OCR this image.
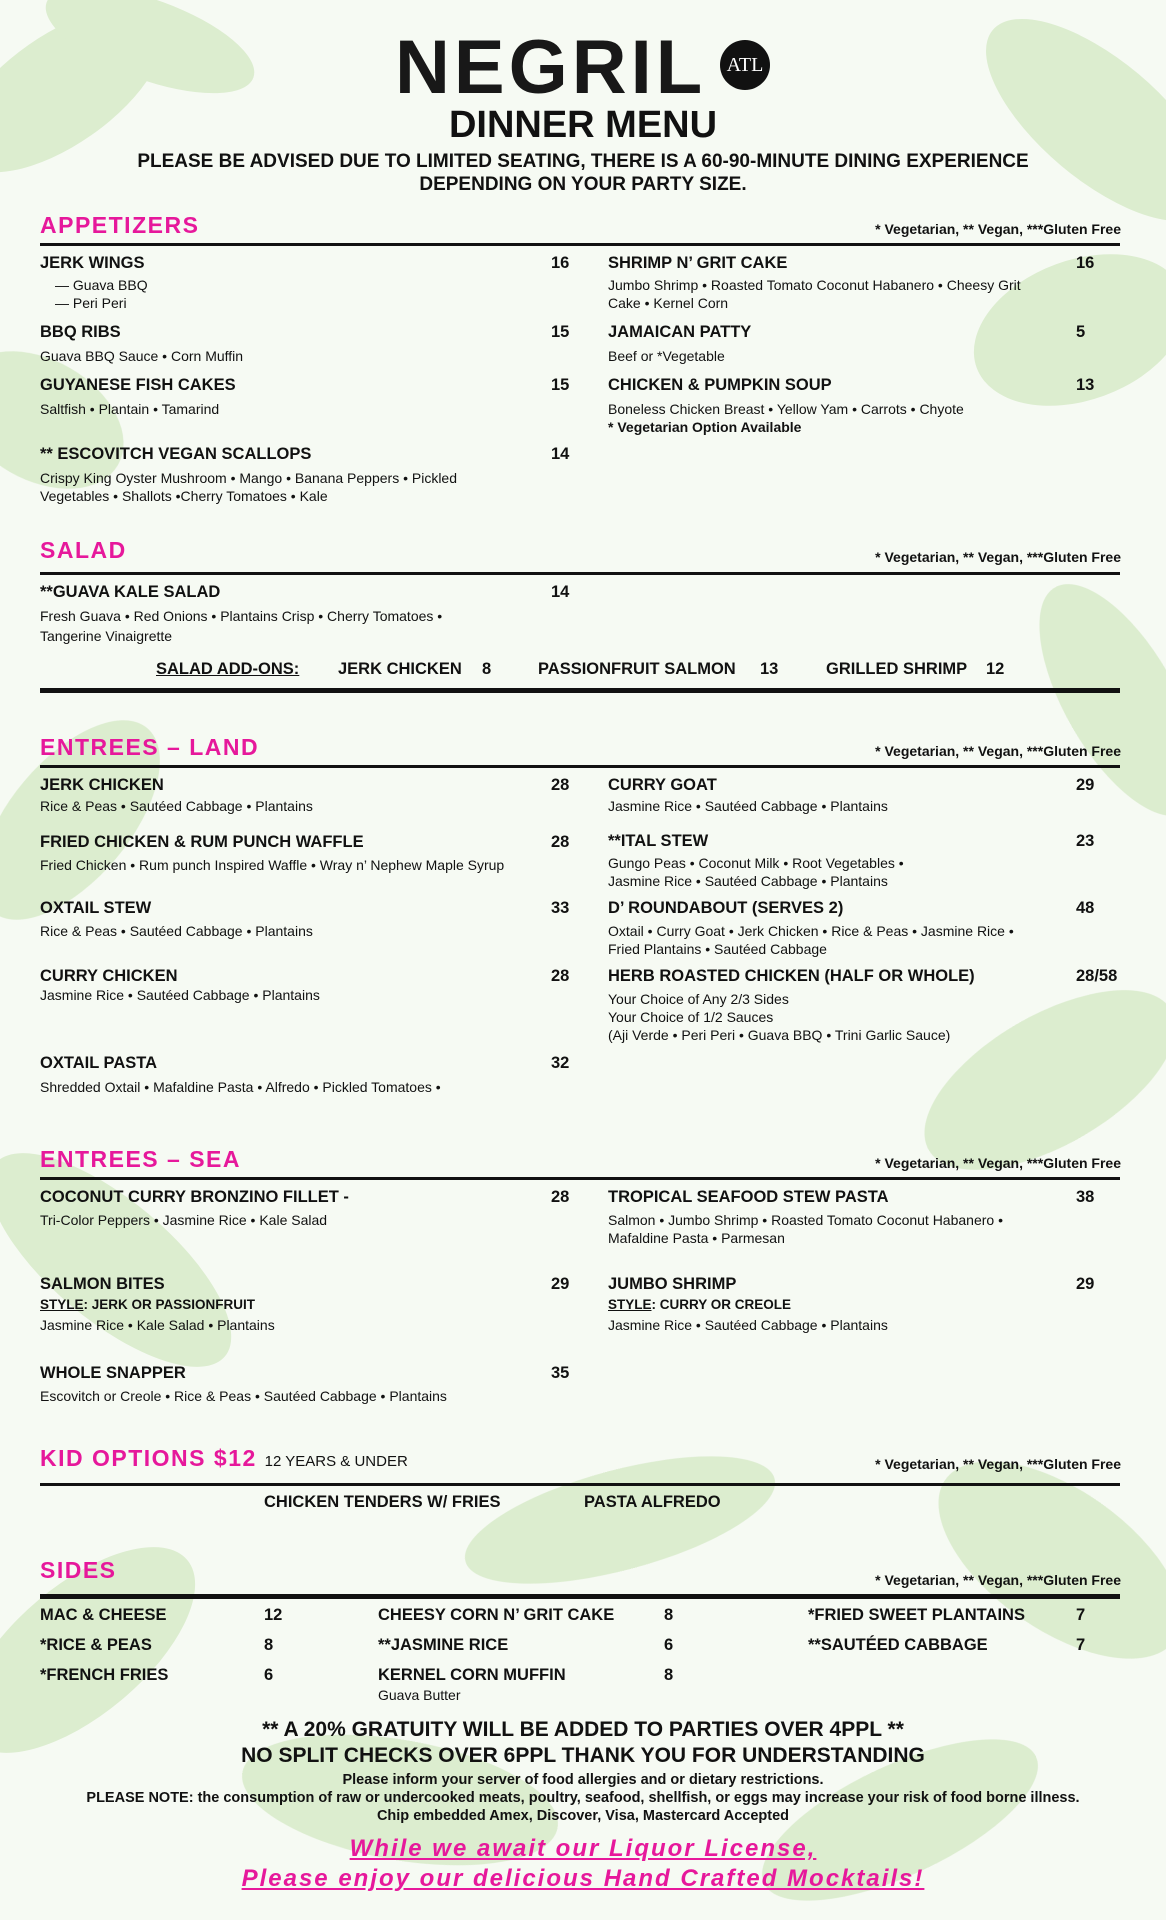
NEGRIL	ATL
DINNER MENU
PLEASE BE ADVISED DUE TO LIMITED SEATING, THERE IS A 60-90-MINUTE DINING EXPERIENCE
DEPENDING ON YOUR PARTY SIZE.
APPETIZERS	* Vegetarian, ** Vegan, ***Gluten Free
JERK WINGS
— Guava BBQ
— Peri Peri
16
BBQ RIBS
Guava BBQ Sauce • Corn Muffin
15
GUYANESE FISH CAKES
Saltfish • Plantain • Tamarind
15
** ESCOVITCH VEGAN SCALLOPS
Crispy King Oyster Mushroom • Mango • Banana Peppers • Pickled
Vegetables • Shallots •Cherry Tomatoes • Kale
14
SHRIMP N’ GRIT CAKE
Jumbo Shrimp • Roasted Tomato Coconut Habanero • Cheesy Grit
Cake • Kernel Corn
16
JAMAICAN PATTY
Beef or *Vegetable
5
CHICKEN & PUMPKIN SOUP
Boneless Chicken Breast • Yellow Yam • Carrots • Chyote
* Vegetarian Option Available
13
SALAD	* Vegetarian, ** Vegan, ***Gluten Free
**GUAVA KALE SALAD
Fresh Guava • Red Onions • Plantains Crisp • Cherry Tomatoes •
Tangerine Vinaigrette
14
SALAD ADD-ONS: JERK CHICKEN 8	PASSIONFRUIT SALMON 13	GRILLED SHRIMP 12
ENTREES – LAND	* Vegetarian, ** Vegan, ***Gluten Free
JERK CHICKEN
Rice & Peas • Sautéed Cabbage • Plantains
28
FRIED CHICKEN & RUM PUNCH WAFFLE
Fried Chicken • Rum punch Inspired Waffle • Wray n’ Nephew Maple Syrup
28
OXTAIL STEW
Rice & Peas • Sautéed Cabbage • Plantains
33
CURRY CHICKEN
Jasmine Rice • Sautéed Cabbage • Plantains
28
OXTAIL PASTA
Shredded Oxtail • Mafaldine Pasta • Alfredo • Pickled Tomatoes •
32
CURRY GOAT
Jasmine Rice • Sautéed Cabbage • Plantains
29
**ITAL STEW
Gungo Peas • Coconut Milk • Root Vegetables •
Jasmine Rice • Sautéed Cabbage • Plantains
23
D’ ROUNDABOUT (SERVES 2)
Oxtail • Curry Goat • Jerk Chicken • Rice & Peas • Jasmine Rice •
Fried Plantains • Sautéed Cabbage
48
HERB ROASTED CHICKEN (HALF OR WHOLE)
Your Choice of Any 2/3 Sides
Your Choice of 1/2 Sauces
(Aji Verde • Peri Peri • Guava BBQ • Trini Garlic Sauce)
28/58
ENTREES – SEA	* Vegetarian, ** Vegan, ***Gluten Free
COCONUT CURRY BRONZINO FILLET -
Tri-Color Peppers • Jasmine Rice • Kale Salad
28
SALMON BITES
STYLE: JERK OR PASSIONFRUIT
Jasmine Rice • Kale Salad • Plantains
29
WHOLE SNAPPER
Escovitch or Creole • Rice & Peas • Sautéed Cabbage • Plantains
35
TROPICAL SEAFOOD STEW PASTA
Salmon • Jumbo Shrimp • Roasted Tomato Coconut Habanero •
Mafaldine Pasta • Parmesan
38
JUMBO SHRIMP
STYLE: CURRY OR CREOLE
Jasmine Rice • Sautéed Cabbage • Plantains
29
KID OPTIONS $12 12 YEARS & UNDER	* Vegetarian, ** Vegan, ***Gluten Free
CHICKEN TENDERS W/ FRIES	PASTA ALFREDO
SIDES	* Vegetarian, ** Vegan, ***Gluten Free
MAC & CHEESE	12
*RICE & PEAS	8
*FRENCH FRIES	6
CHEESY CORN N’ GRIT CAKE	8
**JASMINE RICE	6
KERNEL CORN MUFFIN	8
Guava Butter
*FRIED SWEET PLANTAINS	7
**SAUTÉED CABBAGE	7
** A 20% GRATUITY WILL BE ADDED TO PARTIES OVER 4PPL **
NO SPLIT CHECKS OVER 6PPL THANK YOU FOR UNDERSTANDING
Please inform your server of food allergies and or dietary restrictions.
PLEASE NOTE: the consumption of raw or undercooked meats, poultry, seafood, shellfish, or eggs may increase your risk of food borne illness.
Chip embedded Amex, Discover, Visa, Mastercard Accepted
While we await our Liquor License,
Please enjoy our delicious Hand Crafted Mocktails!
